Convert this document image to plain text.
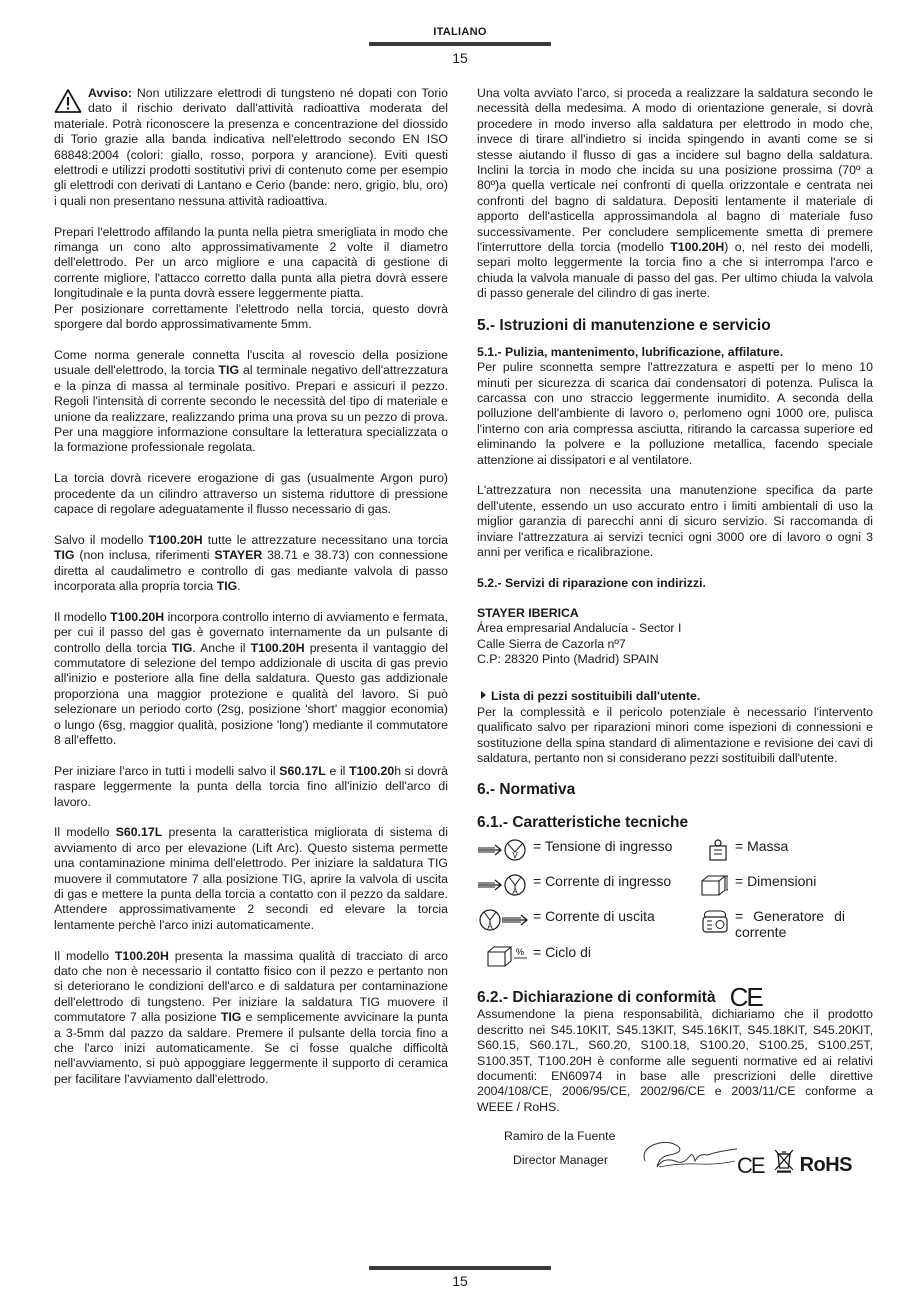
ITALIANO
15

Avviso: Non utilizzare elettrodi di tungsteno né dopati con Torio dato il rischio derivato dall'attività radioattiva moderata del materiale. Potrà riconoscere la presenza e concentrazione del diossido di Torio grazie alla banda indicativa nell'elettrodo secondo EN ISO 68848:2004 (colori: giallo, rosso, porpora y arancione). Eviti questi elettrodi e utilizzi prodotti sostitutivi privi di contenuto come per esempio gli elettrodi con derivati di Lantano e Cerio (bande: nero, grigio, blu, oro) i quali non presentano nessuna attività radioattiva.

Prepari l'elettrodo affilando la punta nella pietra smerigliata in modo che rimanga un cono alto approssimativamente 2 volte il diametro dell'elettrodo. Per un arco migliore e una capacità di gestione di corrente migliore, l'attacco corretto dalla punta alla pietra dovrà essere longitudinale e la punta dovrà essere leggermente piatta.

Per posizionare correttamente l'elettrodo nella torcia, questo dovrà sporgere dal bordo approssimativamente 5mm.

Come norma generale connetta l'uscita al rovescio della posizione usuale dell'elettrodo, la torcia TIG al terminale negativo dell'attrezzatura e la pinza di massa al terminale positivo. Prepari e assicuri il pezzo. Regoli l'intensità di corrente secondo le necessità del tipo di materiale e unione da realizzare, realizzando prima una prova su un pezzo di prova. Per una maggiore informazione consultare la letteratura specializzata o la formazione professionale regolata.

La torcia dovrà ricevere erogazione di gas (usualmente Argon puro) procedente da un cilindro attraverso un sistema riduttore di pressione capace di regolare adeguatamente il flusso necessario di gas.

Salvo il modello T100.20H tutte le attrezzature necessitano una torcia TIG (non inclusa, riferimenti STAYER 38.71 e 38.73) con connessione diretta al caudalimetro e controllo di gas mediante valvola di passo incorporata alla propria torcia TIG.

Il modello T100.20H incorpora controllo interno di avviamento e fermata, per cui il passo del gas è governato internamente da un pulsante di controllo della torcia TIG. Anche il T100.20H presenta il vantaggio del commutatore di selezione del tempo addizionale di uscita di gas previo all'inizio e posteriore alla fine della saldatura. Questo gas addizionale proporziona una maggior protezione e qualità del lavoro. Si può selezionare un periodo corto (2sg, posizione 'short' maggior economia) o lungo (6sg, maggior qualità, posizione 'long') mediante il commutatore 8 all'effetto.

Per iniziare l'arco in tutti i modelli salvo il S60.17L e il T100.20h si dovrà raspare leggermente la punta della torcia fino all'inizio dell'arco di lavoro.

Il modello S60.17L presenta la caratteristica migliorata di sistema di avviamento di arco per elevazione (Lift Arc). Questo sistema permette una contaminazione minima dell'elettrodo. Per iniziare la saldatura TIG muovere il commutatore 7 alla posizione TIG, aprire la valvola di uscita di gas e mettere la punta della torcia a contatto con il pezzo da saldare. Attendere approssimativamente 2 secondi ed elevare la torcia lentamente perchè l'arco inizi automaticamente.

Il modello T100.20H presenta la massima qualità di tracciato di arco dato che non è necessario il contatto fisico con il pezzo e pertanto non si deteriorano le condizioni dell'arco e di saldatura per contaminazione dell'elettrodo di tungsteno. Per iniziare la saldatura TIG muovere il commutatore 7 alla posizione TIG e semplicemente avvicinare la punta a 3-5mm dal pazzo da saldare. Premere il pulsante della torcia fino a che l'arco inizi automaticamente. Se ci fosse qualche difficoltà nell'avviamento, si può appoggiare leggermente il supporto di ceramica per facilitare l'avviamento dall'elettrodo.

Una volta avviato l'arco, si proceda a realizzare la saldatura secondo le necessità della medesima. A modo di orientazione generale, si dovrà procedere in modo inverso alla saldatura per elettrodo in modo che, invece di tirare all'indietro si incida spingendo in avanti come se si stesse aiutando il flusso di gas a incidere sul bagno della saldatura. Inclini la torcia in modo che incida su una posizione prossima (70º a 80º)a quella verticale nei confronti di quella orizzontale e centrata nei confronti del bagno di saldatura. Depositi lentamente il materiale di apporto dell'asticella approssimandola al bagno di materiale fuso successivamente. Per concludere semplicemente smetta di premere l'interruttore della torcia (modello T100.20H) o, nel resto dei modelli, separi molto leggermente la torcia fino a che si interrompa l'arco e chiuda la valvola manuale di passo del gas. Per ultimo chiuda la valvola di passo generale del cilindro di gas inerte.

5.- Istruzioni di manutenzione e servicio

5.1.- Pulizia, mantenimento, lubrificazione, affilature.

Per pulire sconnetta sempre l'attrezzatura e aspetti per lo meno 10 minuti per sicurezza di scarica dai condensatori di potenza. Pulisca la carcassa con uno straccio leggermente inumidito. A seconda della polluzione dell'ambiente di lavoro o, perlomeno ogni 1000 ore, pulisca l'interno con aria compressa asciutta, ritirando la carcassa superiore ed eliminando la polvere e la polluzione metallica, facendo speciale attenzione ai dissipatori e al ventilatore.

L'attrezzatura non necessita una manutenzione specifica da parte dell'utente, essendo un uso accurato entro i limiti ambientali di uso la miglior garanzia di parecchi anni di sicuro servizio. Si raccomanda di inviare l'attrezzatura ai servizi tecnici ogni 3000 ore di lavoro o ogni 3 anni per verifica e ricalibrazione.

5.2.- Servizi di riparazione con indirizzi.

STAYER IBERICA

Área empresarial Andalucía - Sector I

Calle Sierra de Cazorla nº7

C.P: 28320 Pinto (Madrid) SPAIN

Lista di pezzi sostituibili dall'utente.

Per la complessità e il pericolo potenziale è necessario l'intervento qualificato salvo per riparazioni minori come ispezioni di connessioni e sostituzione della spina standard di alimentazione e revisione dei cavi di saldatura, pertanto non si considerano pezzi sostituibili dall'utente.

6.- Normativa
6.1.- Caratteristiche tecniche
V
= Tensione di ingresso	= Massa
A
= Corrente di ingresso	= Dimensioni
A
= Corrente di uscita	= Generatore di corrente
% = Ciclo di
6.2.- Dichiarazione di conformità CE

Assumendone la piena responsabilità, dichiariamo che il prodotto descritto nei S45.10KIT, S45.13KIT, S45.16KIT, S45.18KIT, S45.20KIT, S60.15, S60.17L, S60.20, S100.18, S100.20, S100.25, S100.25T, S100.35T, T100.20H è conforme alle seguenti normative ed ai relativi documenti: EN60974 in base alle prescrizioni delle direttive 2004/108/CE, 2006/95/CE, 2002/96/CE e 2003/11/CE conforme a WEEE / RoHS.

Ramiro de la Fuente
Director Manager	CE RoHS
15
